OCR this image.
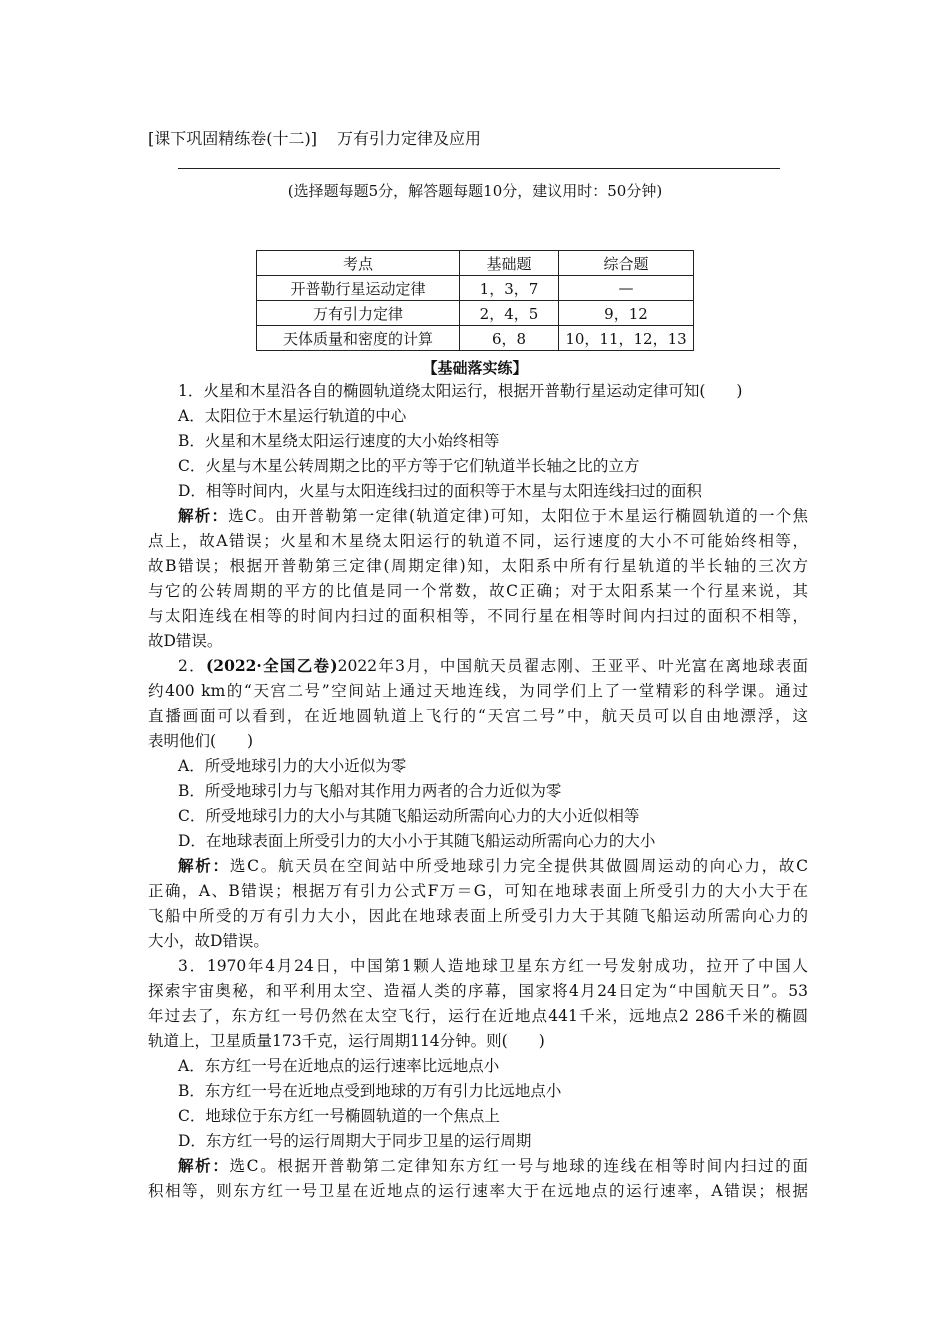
[课下巩固精练卷(十二)] 万有引力定律及应用
(选择题每题5分，解答题每题10分，建议用时：50分钟)
考点	基础题	综合题
开普勒行星运动定律	1，3，7	—
万有引力定律	2，4，5	9，12
天体质量和密度的计算	6，8	10，11，12，13
【基础落实练】
1．火星和木星沿各自的椭圆轨道绕太阳运行，根据开普勒行星运动定律可知(　　)
A．太阳位于木星运行轨道的中心
B．火星和木星绕太阳运行速度的大小始终相等
C．火星与木星公转周期之比的平方等于它们轨道半长轴之比的立方
D．相等时间内，火星与太阳连线扫过的面积等于木星与太阳连线扫过的面积
解析：选C。由开普勒第一定律(轨道定律)可知，太阳位于木星运行椭圆轨道的一个焦
点上，故A错误；火星和木星绕太阳运行的轨道不同，运行速度的大小不可能始终相等，
故B错误；根据开普勒第三定律(周期定律)知，太阳系中所有行星轨道的半长轴的三次方
与它的公转周期的平方的比值是同一个常数，故C正确；对于太阳系某一个行星来说，其
与太阳连线在相等的时间内扫过的面积相等，不同行星在相等时间内扫过的面积不相等，
故D错误。
2．(2022·全国乙卷)2022年3月，中国航天员翟志刚、王亚平、叶光富在离地球表面
约400 km的“天宫二号”空间站上通过天地连线，为同学们上了一堂精彩的科学课。通过
直播画面可以看到，在近地圆轨道上飞行的“天宫二号”中，航天员可以自由地漂浮，这
表明他们(　　)
A．所受地球引力的大小近似为零
B．所受地球引力与飞船对其作用力两者的合力近似为零
C．所受地球引力的大小与其随飞船运动所需向心力的大小近似相等
D．在地球表面上所受引力的大小小于其随飞船运动所需向心力的大小
解析：选C。航天员在空间站中所受地球引力完全提供其做圆周运动的向心力，故C
正确，A、B错误；根据万有引力公式F万＝G，可知在地球表面上所受引力的大小大于在
飞船中所受的万有引力大小，因此在地球表面上所受引力大于其随飞船运动所需向心力的
大小，故D错误。
3．1970年4月24日，中国第1颗人造地球卫星东方红一号发射成功，拉开了中国人
探索宇宙奥秘，和平利用太空、造福人类的序幕，国家将4月24日定为“中国航天日”。53
年过去了，东方红一号仍然在太空飞行，运行在近地点441千米，远地点2 286千米的椭圆
轨道上，卫星质量173千克，运行周期114分钟。则(　　)
A．东方红一号在近地点的运行速率比远地点小
B．东方红一号在近地点受到地球的万有引力比远地点小
C．地球位于东方红一号椭圆轨道的一个焦点上
D．东方红一号的运行周期大于同步卫星的运行周期
解析：选C。根据开普勒第二定律知东方红一号与地球的连线在相等时间内扫过的面
积相等，则东方红一号卫星在近地点的运行速率大于在远地点的运行速率，A错误；根据
